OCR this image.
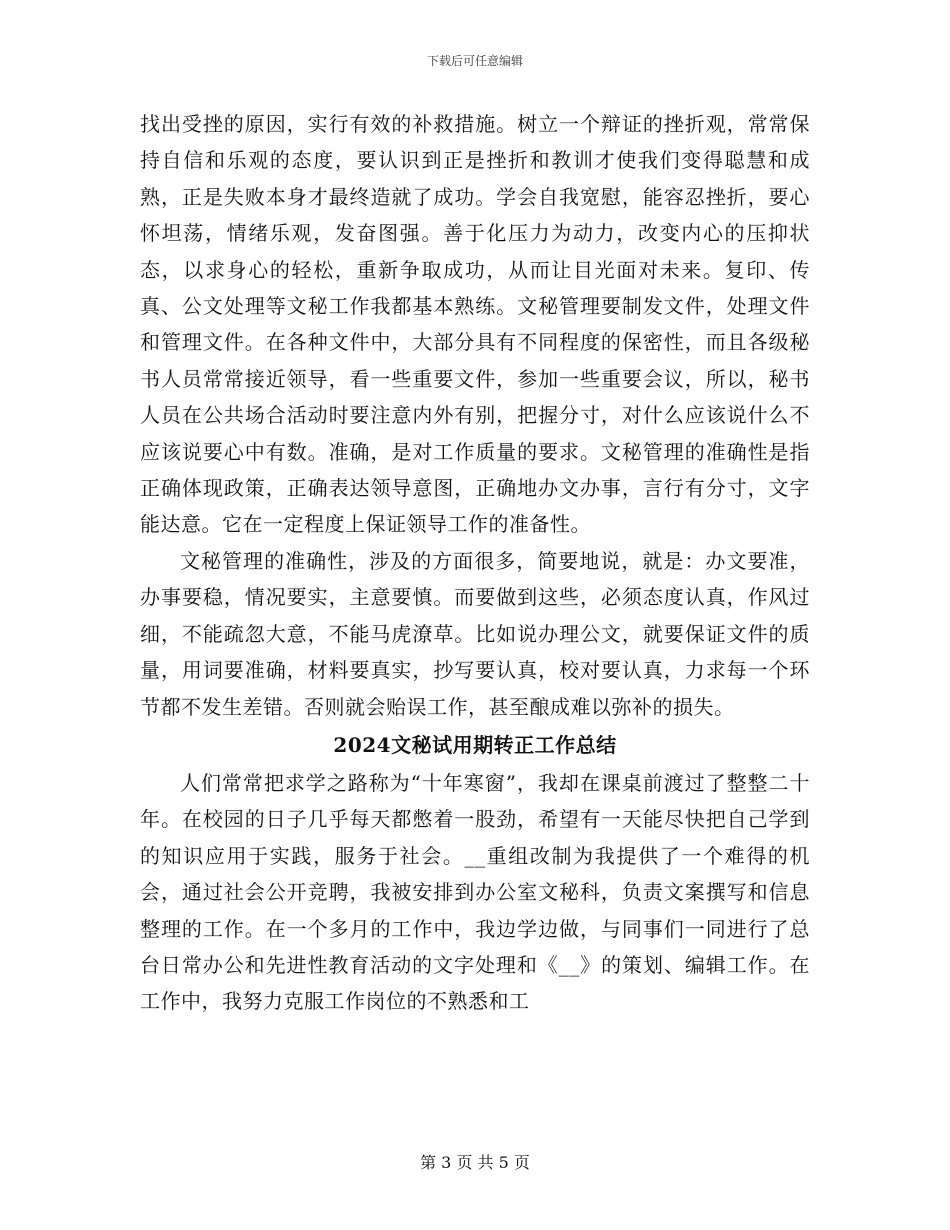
下载后可任意编辑

找出受挫的原因，实行有效的补救措施。树立一个辩证的挫折观，常常保持自信和乐观的态度，要认识到正是挫折和教训才使我们变得聪慧和成熟，正是失败本身才最终造就了成功。学会自我宽慰，能容忍挫折，要心怀坦荡，情绪乐观，发奋图强。善于化压力为动力，改变内心的压抑状态，以求身心的轻松，重新争取成功，从而让目光面对未来。复印、传真、公文处理等文秘工作我都基本熟练。文秘管理要制发文件，处理文件和管理文件。在各种文件中，大部分具有不同程度的保密性，而且各级秘书人员常常接近领导，看一些重要文件，参加一些重要会议，所以，秘书人员在公共场合活动时要注意内外有别，把握分寸，对什么应该说什么不应该说要心中有数。准确，是对工作质量的要求。文秘管理的准确性是指正确体现政策，正确表达领导意图，正确地办文办事，言行有分寸，文字能达意。它在一定程度上保证领导工作的准备性。

文秘管理的准确性，涉及的方面很多，简要地说，就是：办文要准，办事要稳，情况要实，主意要慎。而要做到这些，必须态度认真，作风过细，不能疏忽大意，不能马虎潦草。比如说办理公文，就要保证文件的质量，用词要准确，材料要真实，抄写要认真，校对要认真，力求每一个环节都不发生差错。否则就会贻误工作，甚至酿成难以弥补的损失。

2024文秘试用期转正工作总结

人们常常把求学之路称为“十年寒窗”，我却在课桌前渡过了整整二十年。在校园的日子几乎每天都憋着一股劲，希望有一天能尽快把自己学到的知识应用于实践，服务于社会。__重组改制为我提供了一个难得的机会，通过社会公开竞聘，我被安排到办公室文秘科，负责文案撰写和信息整理的工作。在一个多月的工作中，我边学边做，与同事们一同进行了总台日常办公和先进性教育活动的文字处理和《__》的策划、编辑工作。在工作中，我努力克服工作岗位的不熟悉和工

第 3 页 共 5 页
